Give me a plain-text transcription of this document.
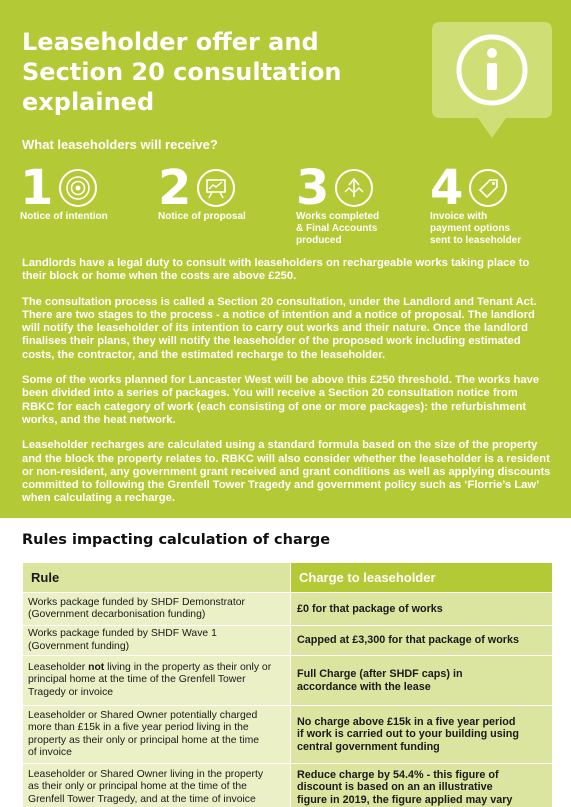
Leaseholder offer and
Section 20 consultation
explained
What leaseholders will receive?
1
Notice of intention
2
Notice of proposal
3
Works completed
& Final Accounts
produced
4
Invoice with
payment options
sent to leaseholder

Landlords have a legal duty to consult with leaseholders on rechargeable works taking place to their block or home when the costs are above £250.

The consultation process is called a Section 20 consultation, under the Landlord and Tenant Act. There are two stages to the process - a notice of intention and a notice of proposal. The landlord will notify the leaseholder of its intention to carry out works and their nature. Once the landlord finalises their plans, they will notify the leaseholder of the proposed work including estimated costs, the contractor, and the estimated recharge to the leaseholder.

Some of the works planned for Lancaster West will be above this £250 threshold. The works have been divided into a series of packages. You will receive a Section 20 consultation notice from RBKC for each category of work (each consisting of one or more packages): the refurbishment works, and the heat network.

Leaseholder recharges are calculated using a standard formula based on the size of the property and the block the property relates to. RBKC will also consider whether the leaseholder is a resident or non-resident, any government grant received and grant conditions as well as applying discounts committed to following the Grenfell Tower Tragedy and government policy such as ‘Florrie’s Law’ when calculating a recharge.

Rules impacting calculation of charge
Rule	Charge to leaseholder
Works package funded by SHDF Demonstrator
(Government decarbonisation funding)	£0 for that package of works
Works package funded by SHDF Wave 1
(Government funding)	Capped at £3,300 for that package of works
Leaseholder not living in the property as their only or principal home at the time of the Grenfell Tower Tragedy or invoice	Full Charge (after SHDF caps) in
accordance with the lease
Leaseholder or Shared Owner potentially charged
more than £15k in a five year period living in the
property as their only or principal home at the time
of invoice	No charge above £15k in a five year period
if work is carried out to your building using
central government funding
Leaseholder or Shared Owner living in the property
as their only or principal home at the time of the
Grenfell Tower Tragedy, and at the time of invoice	Reduce charge by 54.4% - this figure of
discount is based on an an illustrative
figure in 2019, the figure applied may vary
